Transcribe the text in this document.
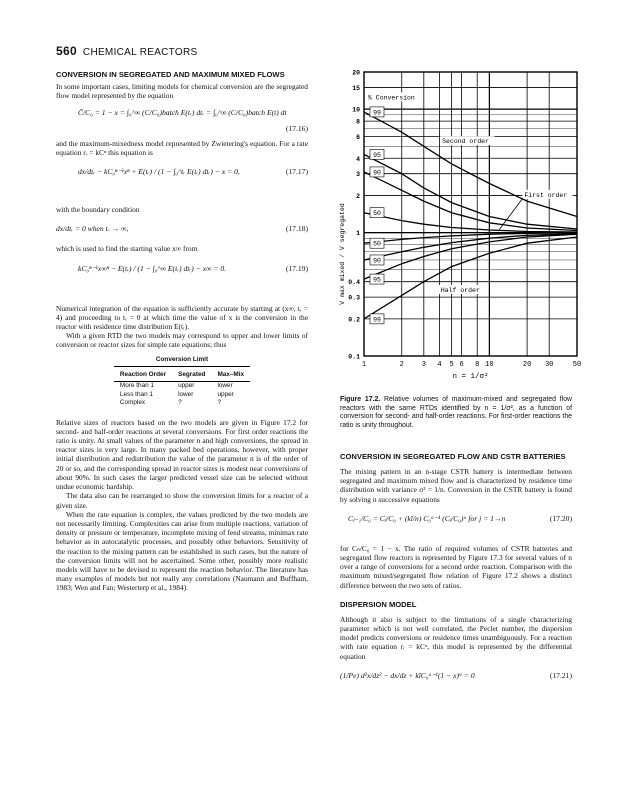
560 CHEMICAL REACTORS
CONVERSION IN SEGREGATED AND MAXIMUM MIXED FLOWS

In some important cases, limiting models for chemical conversion are the segregated flow model represented by the equation

C̄/C₀ = 1 − x = ∫₀^∞ (C/C₀)batch E(tᵣ) dtᵣ = ∫₀^∞ (C/C₀)batch E(t) dt
(17.16)

and the maximum-mixedness model represented by Zwietering's equation. For a rate equation rᵣ = kCⁿ this equation is

dx/dtᵣ − kC₀ⁿ⁻¹xⁿ + E(tᵣ) / (1 − ∫₀^tᵣ E(tᵣ) dtᵣ) − x = 0,	(17.17)

with the boundary condition

dx/dtᵣ = 0 when tᵣ → ∞,	(17.18)

which is used to find the starting value x∞ from

kC₀ⁿ⁻¹x∞ⁿ − E(tᵣ) / (1 − ∫₀^∞ E(tᵣ) dtᵣ) − x∞ = 0.	(17.19)

Numerical integration of the equation is sufficiently accurate by starting at (x∞, tᵣ = 4) and proceeding to tᵣ = 0 at which time the value of x is the conversion in the reactor with residence time distribution E(tᵣ).

With a given RTD the two models may correspond to upper and lower limits of conversion or reactor sizes for simple rate equations; thus

Conversion Limit		
Reaction Order	Segrated	Max–Mix
More than 1	upper	lower
Less than 1	lower	upper
Complex	?	?

Relative sizes of reactors based on the two models are given in Figure 17.2 for second- and half-order reactions at several conversions. For first order reactions the ratio is unity. At small values of the parameter n and high conversions, the spread in reactor sizes is very large. In many packed bed operations, however, with proper initial distribution and redistribution the value of the parameter n is of the order of 20 or so, and the corresponding spread in reactor sizes is modest near conversions of about 90%. In such cases the larger predicted vessel size can be selected without undue economic hardship.

The data also can be rearranged to show the conversion limits for a reactor of a given size.

When the rate equation is complex, the values predicted by the two models are not necessarily limiting. Complexities can arise from multiple reactions, variation of density or pressure or temperature, incomplete mixing of feed streams, minimax rate behavior as in autocatalytic processes, and possibly other behaviors. Sensitivity of the reaction to the mixing pattern can be established in such cases, but the nature of the conversion limits will not be ascertained. Some other, possibly more realistic models will have to be devised to represent the reaction behavior. The literature has many examples of models but not really any correlations (Naumann and Buffham, 1983; Wen and Fan; Westerterp et al., 1984).

1	2	3 4 5 6 8 10	20 30	50
20
15
10
8
6
4
3
2
1
0.4
0.3
0.2
0.1
V max mixed / V segregated
n = 1/σ²
99
95
90
50
50
90
95
99
% Conversion
Second order
First order
Half order
Figure 17.2. Relative volumes of maximum-mixed and segregated flow reactors with the same RTDs identified by n = 1/σ², as a function of conversion for second- and half-order reactions. For first-order reactions the ratio is unity throughout.
CONVERSION IN SEGREGATED FLOW AND CSTR BATTERIES

The mixing pattern in an n-stage CSTR battery is intermediate between segregated and maximum mixed flow and is characterized by residence time distribution with variance σ² = 1/n. Conversion in the CSTR battery is found by solving n successive equations

Cⱼ₋₁/C₀ = Cⱼ/C₀ + (kī/n) C₀ᵅ⁻¹ (Cⱼ/C₀)ᵅ for j = 1→n	(17.20)

for Cₙ/C₀ = 1 − x. The ratio of required volumes of CSTR batteries and segregated flow reactors is represented by Figure 17.3 for several values of n over a range of conversions for a second order reaction. Comparison with the maximum mixed/segregated flow relation of Figure 17.2 shows a distinct difference between the two sets of ratios.

DISPERSION MODEL

Although it also is subject to the limitations of a single characterizing parameter which is not well correlated, the Peclet number, the dispersion model predicts conversions or residence times unambiguously. For a reaction with rate equation rᵣ = kCᵅ, this model is represented by the differential equation

(1/Pe) d²x/dz² − dx/dz + kīC₀ᵅ⁻¹(1 − x)ᵅ = 0	(17.21)
